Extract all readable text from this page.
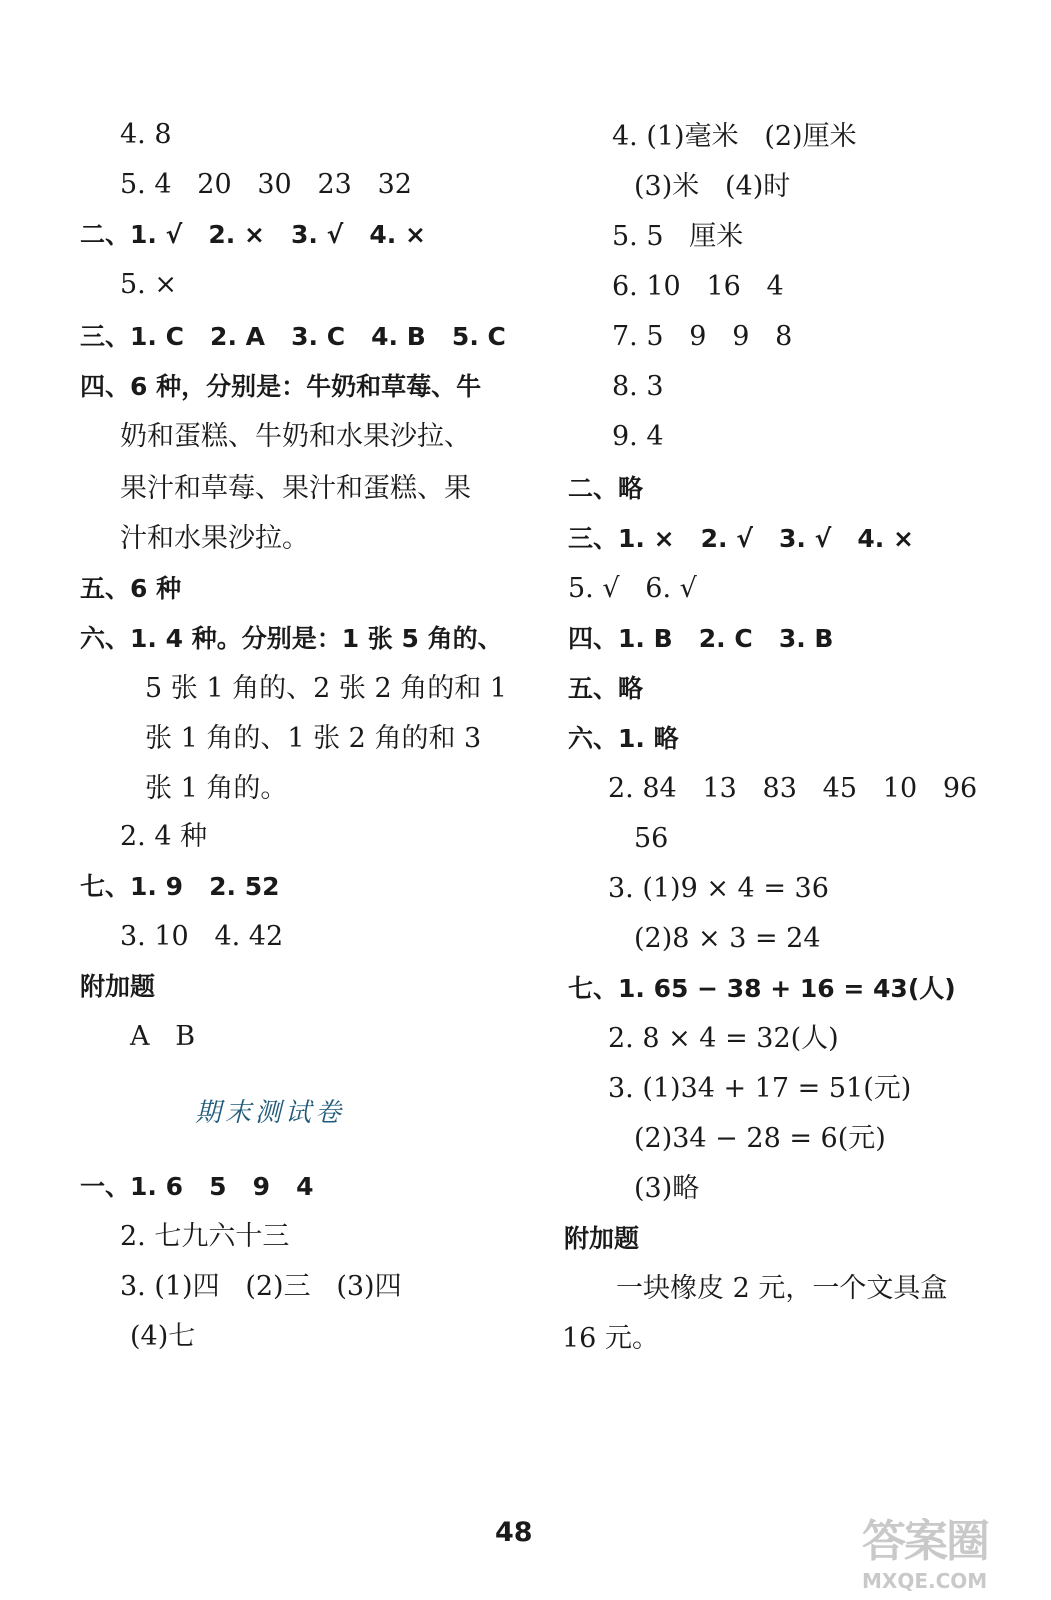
4. 8
5. 4   20   30   23   32
二、1. √   2. ×   3. √   4. ×
5. ×
三、1. C   2. A   3. C   4. B   5. C
四、6 种，分别是：牛奶和草莓、牛
奶和蛋糕、牛奶和水果沙拉、
果汁和草莓、果汁和蛋糕、果
汁和水果沙拉。
五、6 种
六、1. 4 种。分别是：1 张 5 角的、
5 张 1 角的、2 张 2 角的和 1
张 1 角的、1 张 2 角的和 3
张 1 角的。
2. 4 种
七、1. 9   2. 52
3. 10   4. 42
附加题
A   B
一、1. 6   5   9   4
2. 七九六十三
3. (1)四   (2)三   (3)四
(4)七
期末测试卷
4. (1)毫米   (2)厘米
(3)米   (4)时
5. 5   厘米
6. 10   16   4
7. 5   9   9   8
8. 3
9. 4
二、略
三、1. ×   2. √   3. √   4. ×
5. √   6. √
四、1. B   2. C   3. B
五、略
六、1. 略
2. 84   13   83   45   10   96
56
3. (1)9 × 4 = 36
(2)8 × 3 = 24
七、1. 65 − 38 + 16 = 43(人)
2. 8 × 4 = 32(人)
3. (1)34 + 17 = 51(元)
(2)34 − 28 = 6(元)
(3)略
附加题
一块橡皮 2 元，一个文具盒
16 元。
48	答案圈
MXQE.COM
